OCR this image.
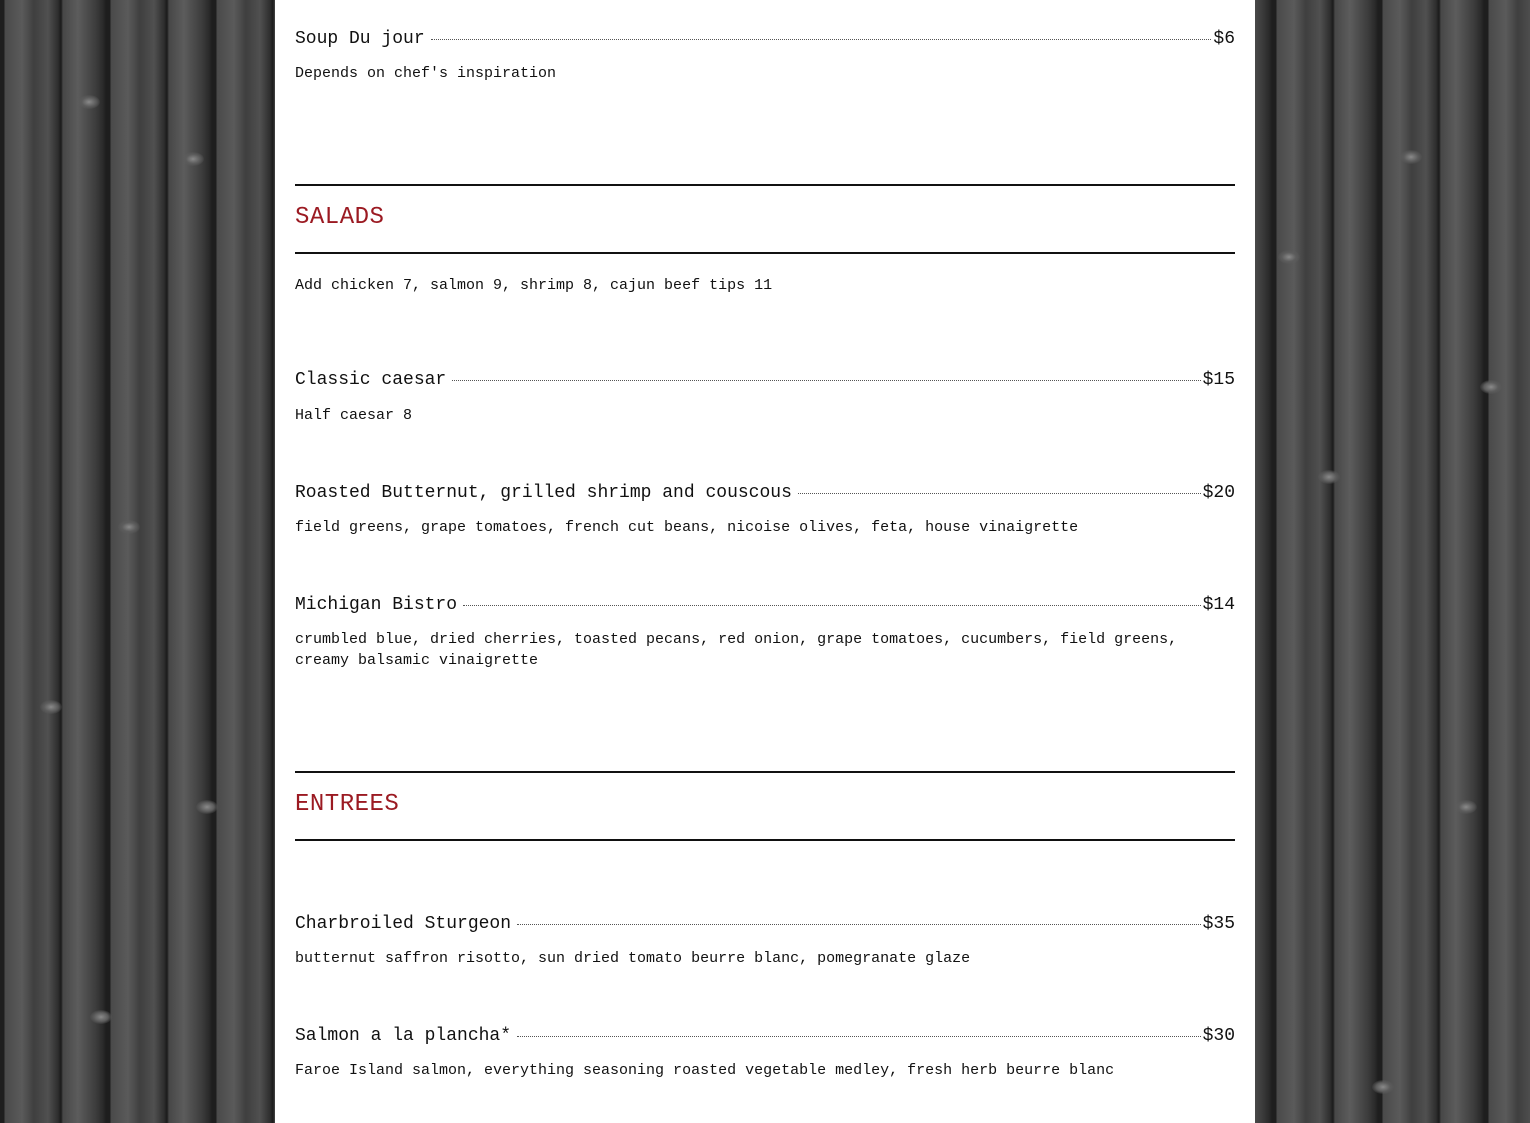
Soup Du jour	$6
Depends on chef's inspiration
SALADS
Add chicken 7, salmon 9, shrimp 8, cajun beef tips 11
Classic caesar	$15
Half caesar 8
Roasted Butternut, grilled shrimp and couscous	$20
field greens, grape tomatoes, french cut beans, nicoise olives, feta, house vinaigrette
Michigan Bistro	$14
crumbled blue, dried cherries, toasted pecans, red onion, grape tomatoes, cucumbers, field greens, creamy balsamic vinaigrette
ENTREES
Charbroiled Sturgeon	$35
butternut saffron risotto, sun dried tomato beurre blanc, pomegranate glaze
Salmon a la plancha*	$30
Faroe Island salmon, everything seasoning roasted vegetable medley, fresh herb beurre blanc
